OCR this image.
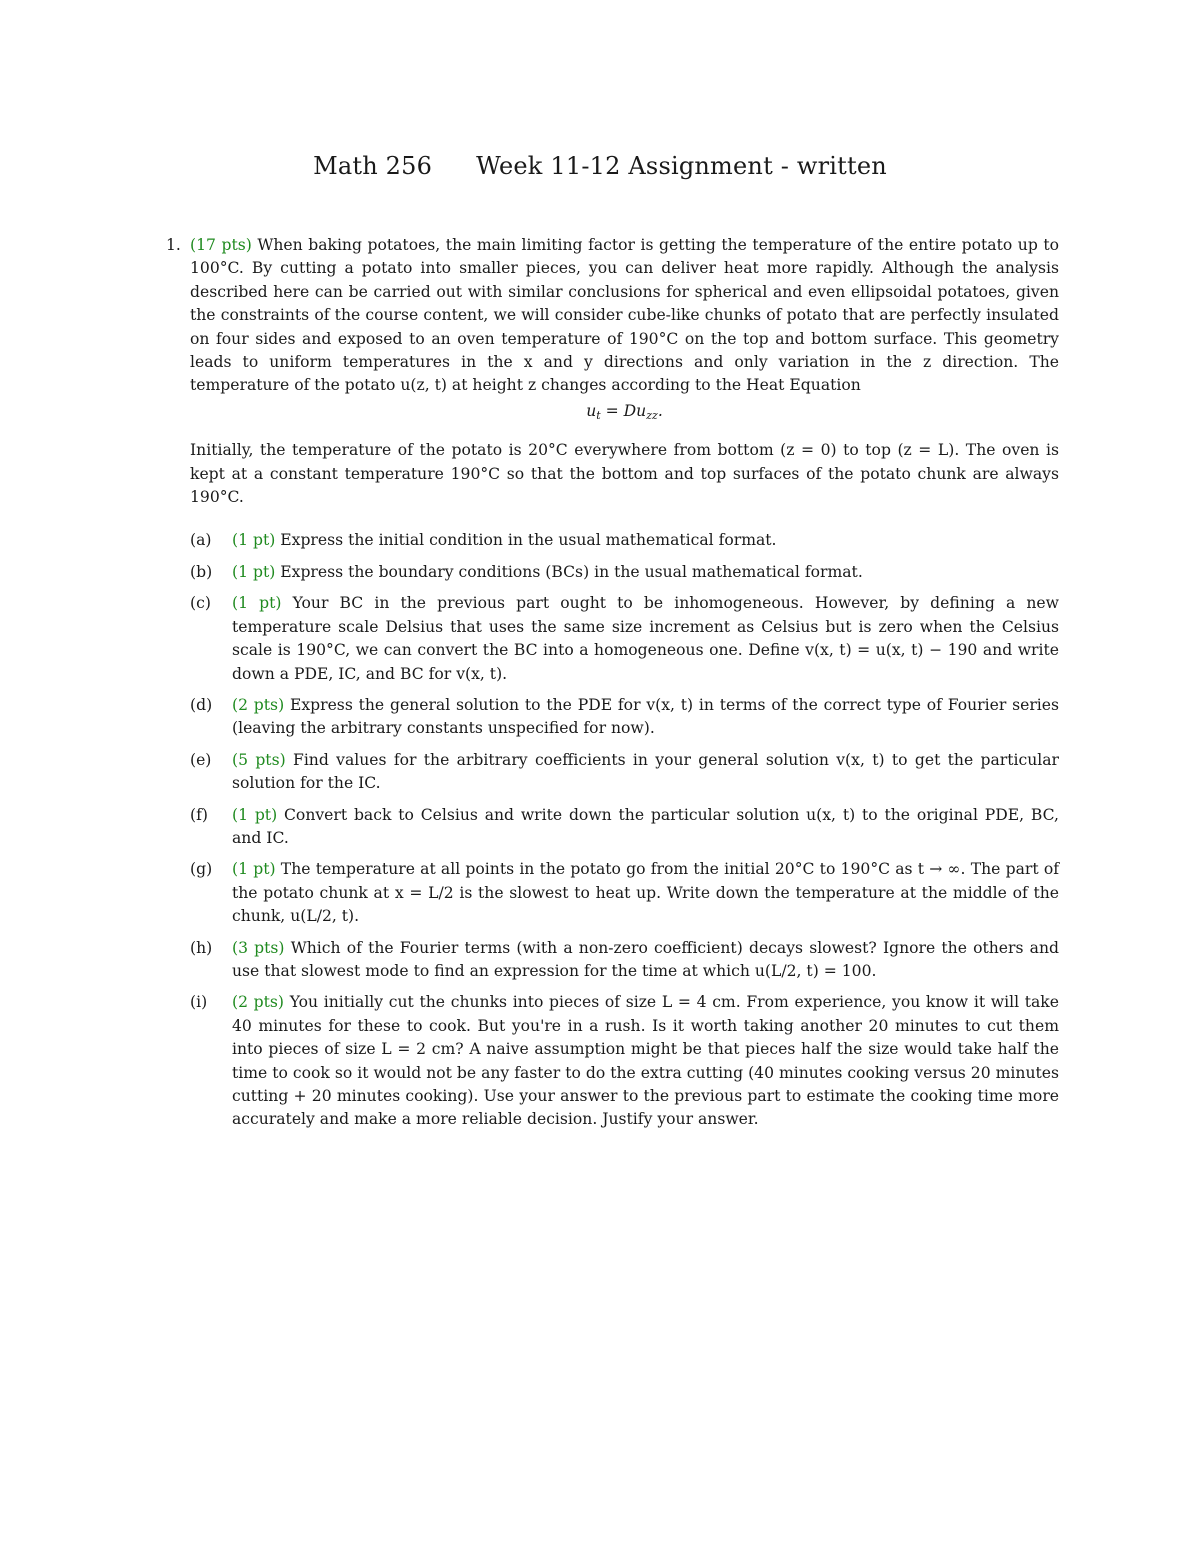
Math 256 Week 11-12 Assignment - written
1. (17 pts) When baking potatoes, the main limiting factor is getting the temperature of the entire potato up to 100°C. By cutting a potato into smaller pieces, you can deliver heat more rapidly. Although the analysis described here can be carried out with similar conclusions for spherical and even ellipsoidal potatoes, given the constraints of the course content, we will consider cube-like chunks of potato that are perfectly insulated on four sides and exposed to an oven temperature of 190°C on the top and bottom surface. This geometry leads to uniform temperatures in the x and y directions and only variation in the z direction. The temperature of the potato u(z, t) at height z changes according to the Heat Equation

$u_t = Du_{zz}$.

Initially, the temperature of the potato is 20°C everywhere from bottom (z = 0) to top (z = L). The oven is kept at a constant temperature 190°C so that the bottom and top surfaces of the potato chunk are always 190°C.

(a)	(1 pt) Express the initial condition in the usual mathematical format.
(b)	(1 pt) Express the boundary conditions (BCs) in the usual mathematical format.
(c)	(1 pt) Your BC in the previous part ought to be inhomogeneous. However, by defining a new temperature scale Delsius that uses the same size increment as Celsius but is zero when the Celsius scale is 190°C, we can convert the BC into a homogeneous one. Define v(x, t) = u(x, t) − 190 and write down a PDE, IC, and BC for v(x, t).
(d)	(2 pts) Express the general solution to the PDE for v(x, t) in terms of the correct type of Fourier series (leaving the arbitrary constants unspecified for now).
(e)	(5 pts) Find values for the arbitrary coefficients in your general solution v(x, t) to get the particular solution for the IC.
(f)	(1 pt) Convert back to Celsius and write down the particular solution u(x, t) to the original PDE, BC, and IC.
(g)	(1 pt) The temperature at all points in the potato go from the initial 20°C to 190°C as t → ∞. The part of the potato chunk at x = L/2 is the slowest to heat up. Write down the temperature at the middle of the chunk, u(L/2, t).
(h)	(3 pts) Which of the Fourier terms (with a non-zero coefficient) decays slowest? Ignore the others and use that slowest mode to find an expression for the time at which u(L/2, t) = 100.
(i)	(2 pts) You initially cut the chunks into pieces of size L = 4 cm. From experience, you know it will take 40 minutes for these to cook. But you're in a rush. Is it worth taking another 20 minutes to cut them into pieces of size L = 2 cm? A naive assumption might be that pieces half the size would take half the time to cook so it would not be any faster to do the extra cutting (40 minutes cooking versus 20 minutes cutting + 20 minutes cooking). Use your answer to the previous part to estimate the cooking time more accurately and make a more reliable decision. Justify your answer.
